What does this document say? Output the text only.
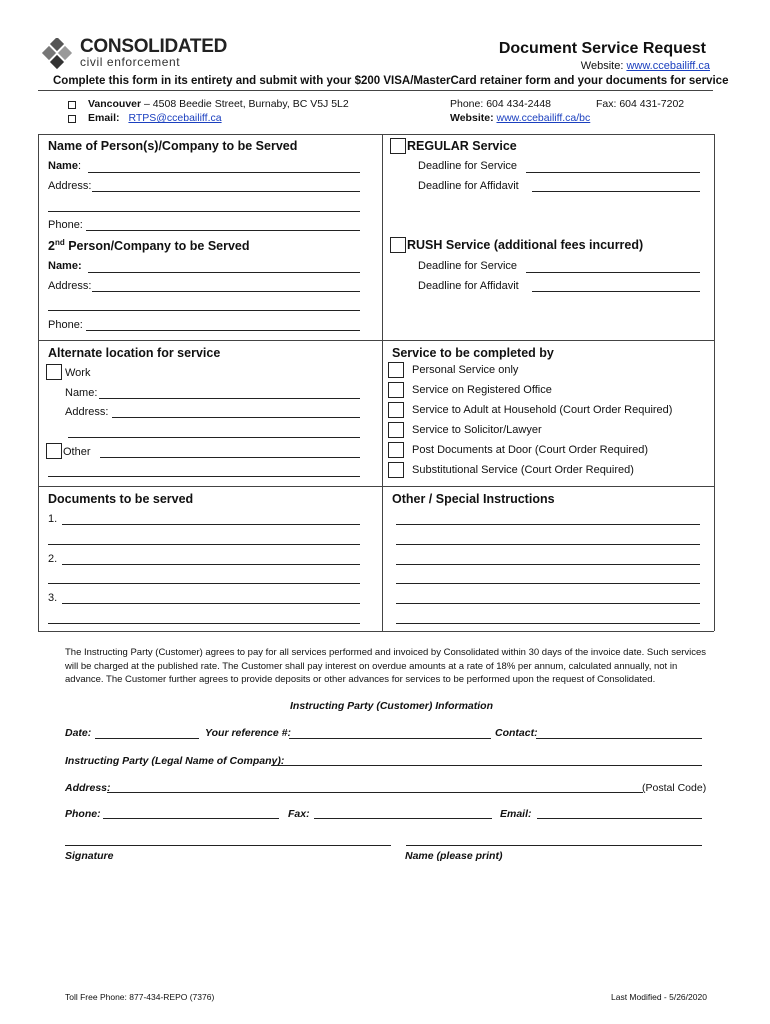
CONSOLIDATED
civil enforcement
Document Service Request
Website: www.ccebailiff.ca
Complete this form in its entirety and submit with your $200 VISA/MasterCard retainer form and your documents for service
Vancouver – 4508 Beedie Street, Burnaby, BC V5J 5L2
Email: RTPS@ccebailiff.ca
Phone: 604 434-2448	Fax: 604 431-7202
Website: www.ccebailiff.ca/bc
Name of Person(s)/Company to be Served
Name:
Address:
Phone:
2nd Person/Company to be Served
Name:
Address:
Phone:
REGULAR Service
Deadline for Service
Deadline for Affidavit
RUSH Service (additional fees incurred)
Deadline for Service
Deadline for Affidavit
Alternate location for service
Work
Name:
Address:
Other
Service to be completed by
Personal Service only
Service on Registered Office
Service to Adult at Household (Court Order Required)
Service to Solicitor/Lawyer
Post Documents at Door (Court Order Required)
Substitutional Service (Court Order Required)
Documents to be served
1.
2.
3.
Other / Special Instructions
The Instructing Party (Customer) agrees to pay for all services performed and invoiced by Consolidated within 30 days of the invoice date. Such services will be charged at the published rate. The Customer shall pay interest on overdue amounts at a rate of 18% per annum, calculated annually, not in advance. The Customer further agrees to provide deposits or other advances for services to be performed upon the request of Consolidated.
Instructing Party (Customer) Information
Date:	Your reference #:	Contact:
Instructing Party (Legal Name of Company):
Address:	(Postal Code)
Phone:	Fax:	Email:
Signature	Name (please print)
Toll Free Phone: 877-434-REPO (7376)	Last Modified - 5/26/2020
